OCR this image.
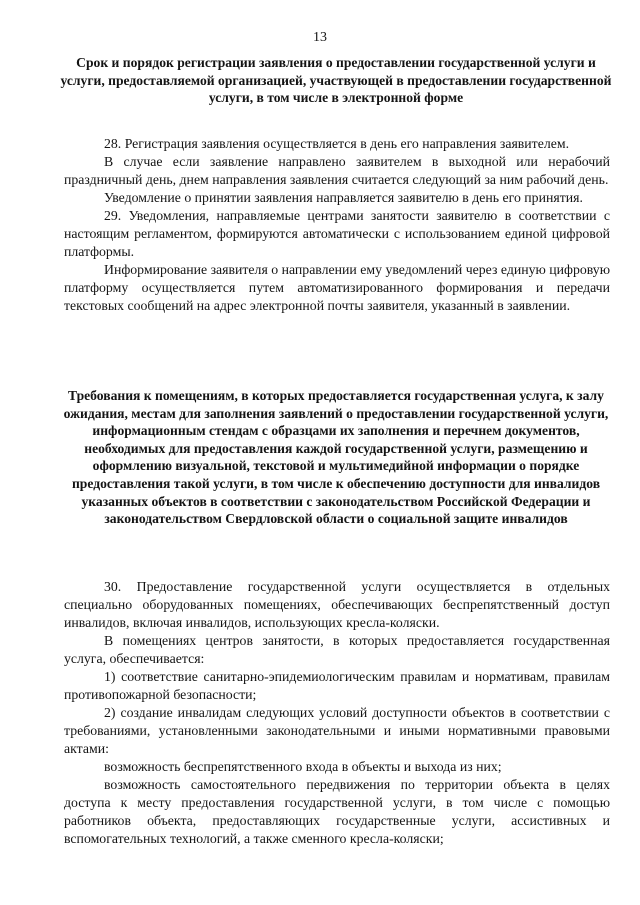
13
Срок и порядок регистрации заявления о предоставлении государственной услуги и услуги, предоставляемой организацией, участвующей в предоставлении государственной услуги, в том числе в электронной форме

28. Регистрация заявления осуществляется в день его направления заявителем.

В случае если заявление направлено заявителем в выходной или нерабочий праздничный день, днем направления заявления считается следующий за ним рабочий день.

Уведомление о принятии заявления направляется заявителю в день его принятия.

29. Уведомления, направляемые центрами занятости заявителю в соответствии с настоящим регламентом, формируются автоматически с использованием единой цифровой платформы.

Информирование заявителя о направлении ему уведомлений через единую цифровую платформу осуществляется путем автоматизированного формирования и передачи текстовых сообщений на адрес электронной почты заявителя, указанный в заявлении.

Требования к помещениям, в которых предоставляется государственная услуга, к залу ожидания, местам для заполнения заявлений о предоставлении государственной услуги, информационным стендам с образцами их заполнения и перечнем документов, необходимых для предоставления каждой государственной услуги, размещению и оформлению визуальной, текстовой и мультимедийной информации о порядке предоставления такой услуги, в том числе к обеспечению доступности для инвалидов указанных объектов в соответствии с законодательством Российской Федерации и законодательством Свердловской области о социальной защите инвалидов

30. Предоставление государственной услуги осуществляется в отдельных специально оборудованных помещениях, обеспечивающих беспрепятственный доступ инвалидов, включая инвалидов, использующих кресла-коляски.

В помещениях центров занятости, в которых предоставляется государственная услуга, обеспечивается:

1) соответствие санитарно-эпидемиологическим правилам и нормативам, правилам противопожарной безопасности;

2) создание инвалидам следующих условий доступности объектов в соответствии с требованиями, установленными законодательными и иными нормативными правовыми актами:

возможность беспрепятственного входа в объекты и выхода из них;

возможность самостоятельного передвижения по территории объекта в целях доступа к месту предоставления государственной услуги, в том числе с помощью работников объекта, предоставляющих государственные услуги, ассистивных и вспомогательных технологий, а также сменного кресла-коляски;
